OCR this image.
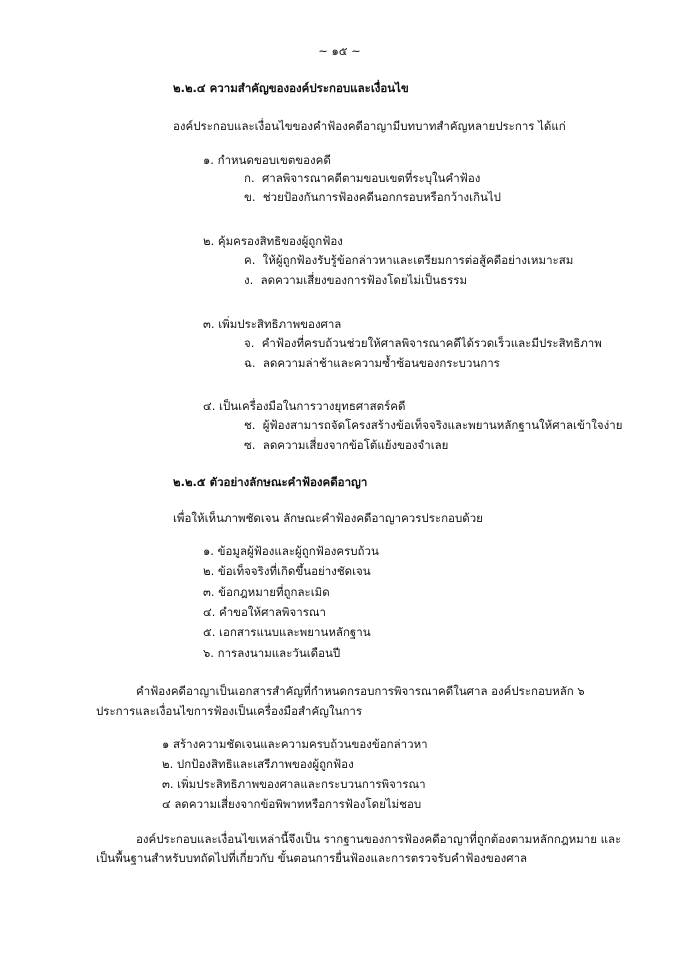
~ ๑๕ ~
๒.๒.๔ ความสำคัญขององค์ประกอบและเงื่อนไข
องค์ประกอบและเงื่อนไขของคำฟ้องคดีอาญามีบทบาทสำคัญหลายประการ ได้แก่
๑. กำหนดขอบเขตของคดี
ก. ศาลพิจารณาคดีตามขอบเขตที่ระบุในคำฟ้อง
ข. ช่วยป้องกันการฟ้องคดีนอกกรอบหรือกว้างเกินไป
๒. คุ้มครองสิทธิของผู้ถูกฟ้อง
ค. ให้ผู้ถูกฟ้องรับรู้ข้อกล่าวหาและเตรียมการต่อสู้คดีอย่างเหมาะสม
ง. ลดความเสี่ยงของการฟ้องโดยไม่เป็นธรรม
๓. เพิ่มประสิทธิภาพของศาล
จ. คำฟ้องที่ครบถ้วนช่วยให้ศาลพิจารณาคดีได้รวดเร็วและมีประสิทธิภาพ
ฉ. ลดความล่าช้าและความซ้ำซ้อนของกระบวนการ
๔. เป็นเครื่องมือในการวางยุทธศาสตร์คดี
ช. ผู้ฟ้องสามารถจัดโครงสร้างข้อเท็จจริงและพยานหลักฐานให้ศาลเข้าใจง่าย
ซ. ลดความเสี่ยงจากข้อโต้แย้งของจำเลย
๒.๒.๕ ตัวอย่างลักษณะคำฟ้องคดีอาญา
เพื่อให้เห็นภาพชัดเจน ลักษณะคำฟ้องคดีอาญาควรประกอบด้วย
๑. ข้อมูลผู้ฟ้องและผู้ถูกฟ้องครบถ้วน
๒. ข้อเท็จจริงที่เกิดขึ้นอย่างชัดเจน
๓. ข้อกฎหมายที่ถูกละเมิด
๔. คำขอให้ศาลพิจารณา
๕. เอกสารแนบและพยานหลักฐาน
๖. การลงนามและวันเดือนปี
คำฟ้องคดีอาญาเป็นเอกสารสำคัญที่กำหนดกรอบการพิจารณาคดีในศาล องค์ประกอบหลัก ๖
ประการและเงื่อนไขการฟ้องเป็นเครื่องมือสำคัญในการ
๑ สร้างความชัดเจนและความครบถ้วนของข้อกล่าวหา
๒. ปกป้องสิทธิและเสรีภาพของผู้ถูกฟ้อง
๓. เพิ่มประสิทธิภาพของศาลและกระบวนการพิจารณา
๔ ลดความเสี่ยงจากข้อพิพาทหรือการฟ้องโดยไม่ชอบ
องค์ประกอบและเงื่อนไขเหล่านี้จึงเป็น รากฐานของการฟ้องคดีอาญาที่ถูกต้องตามหลักกฎหมาย และ
เป็นพื้นฐานสำหรับบทถัดไปที่เกี่ยวกับ ขั้นตอนการยื่นฟ้องและการตรวจรับคำฟ้องของศาล
